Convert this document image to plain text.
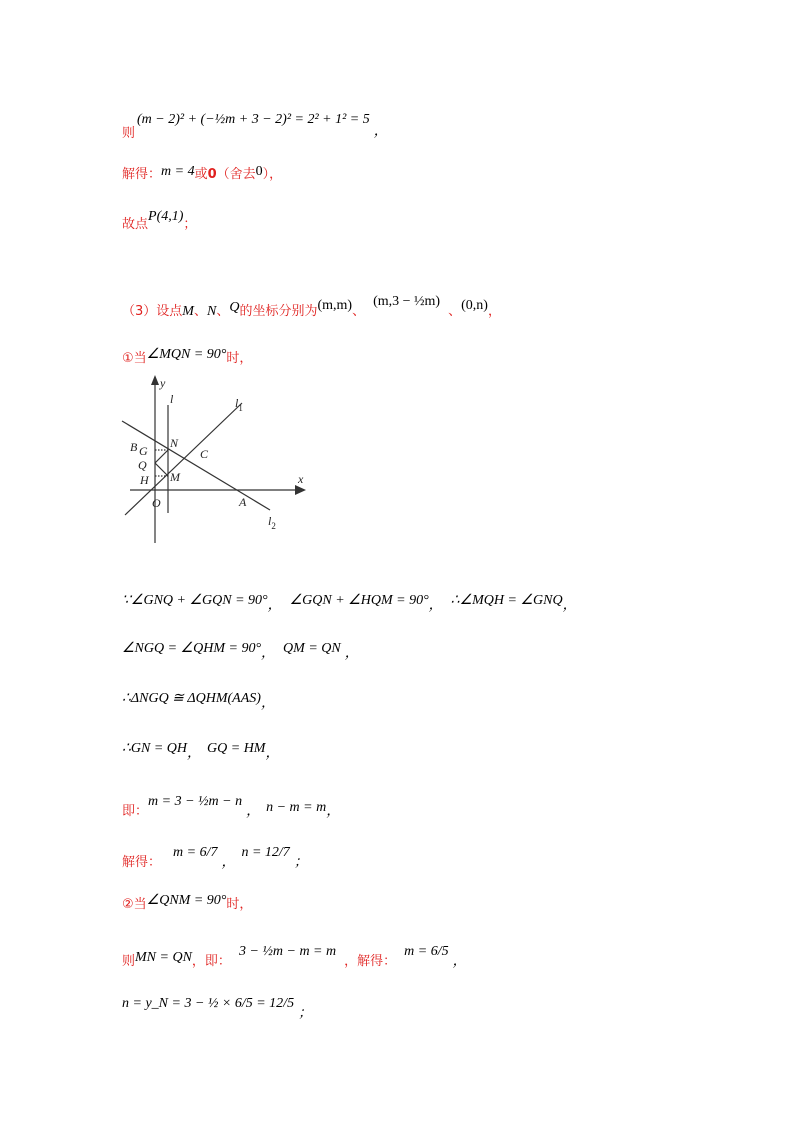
则
(m − 2)² + (−½m + 3 − 2)² = 2² + 1² = 5
，
解得： m = 4 或 0 （舍去 0 ），
故点
P(4,1)
；
（3）设点 M 、 N 、 Q 的坐标分别为 (m,m) 、
(m,3 − ½m)
、 (0,n) ，
①当 ∠MQN = 90° 时，
y
x
l	$l_1$
$l_2$
B G
N
C
Q
M
H
O	A
∵∠GNQ + ∠GQN = 90° ， ∠GQN + ∠HQM = 90° ， ∴∠MQH = ∠GNQ ，
∠NGQ = ∠QHM = 90° ， QM = QN ，
∴ΔNGQ ≅ ΔQHM(AAS) ，
∴GN = QH ， GQ = HM ，
即：
m = 3 − ½m − n
， n − m = m ，
解得：
m = 6/7
，
n = 12/7
；
②当 ∠QNM = 90° 时，
则 MN = QN ，即：
3 − ½m − m = m
，解得：
m = 6/5
，
n = y_N = 3 − ½ × 6/5 = 12/5
；
